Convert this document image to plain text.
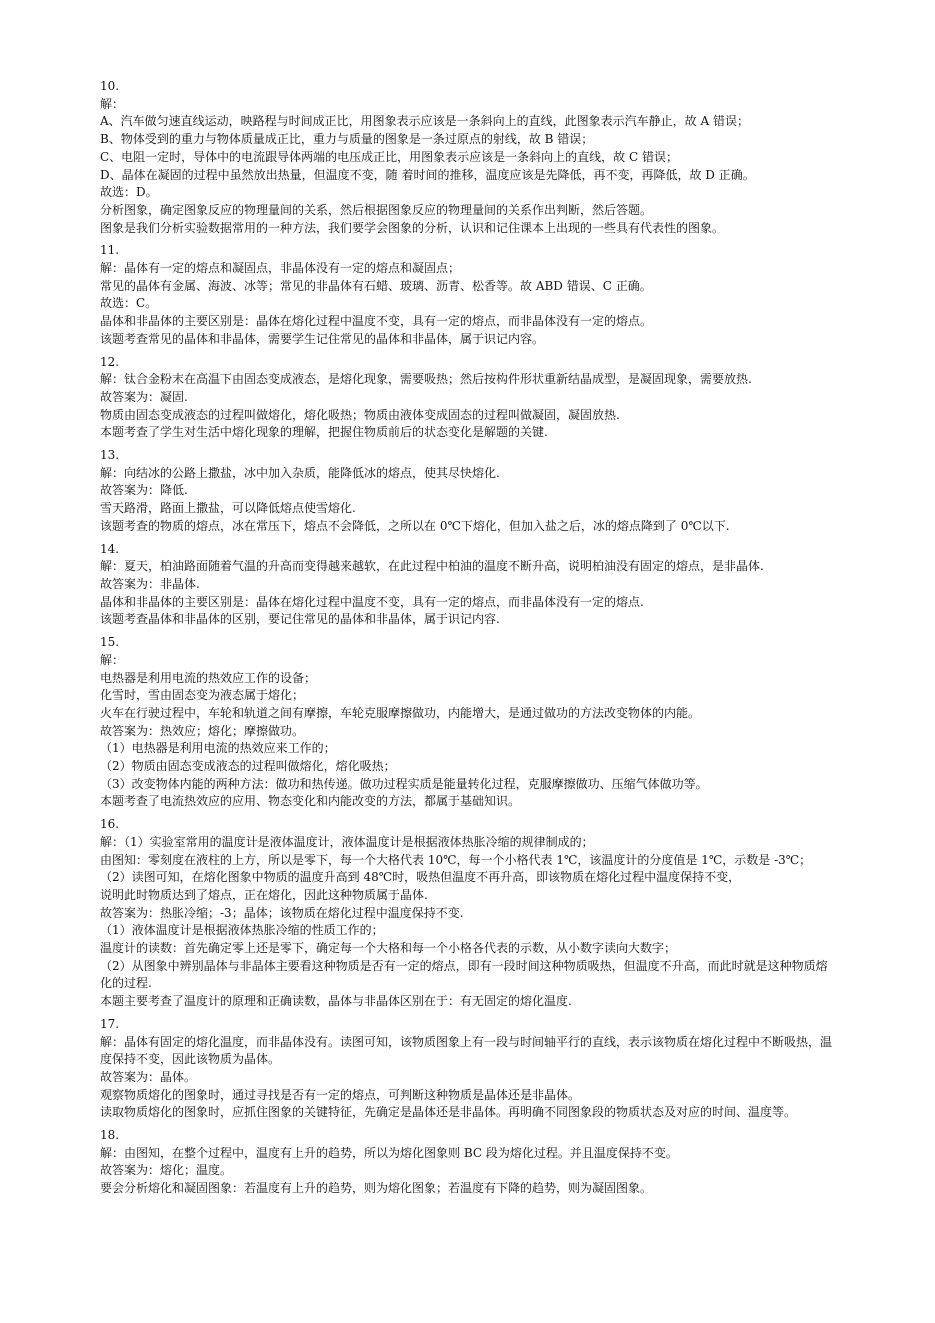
10.
解：
A、汽车做匀速直线运动，映路程与时间成正比，用图象表示应该是一条斜向上的直线，此图象表示汽车静止，故 A 错误；
B、物体受到的重力与物体质量成正比，重力与质量的图象是一条过原点的射线，故 B 错误；
C、电阻一定时，导体中的电流跟导体两端的电压成正比，用图象表示应该是一条斜向上的直线，故 C 错误；
D、晶体在凝固的过程中虽然放出热量，但温度不变，随 着时间的推移，温度应该是先降低，再不变，再降低，故 D 正确。
故选：D。
分析图象，确定图象反应的物理量间的关系，然后根据图象反应的物理量间的关系作出判断，然后答题。
图象是我们分析实验数据常用的一种方法，我们要学会图象的分析，认识和记住课本上出现的一些具有代表性的图象。
11.
解：晶体有一定的熔点和凝固点，非晶体没有一定的熔点和凝固点；
常见的晶体有金属、海波、冰等；常见的非晶体有石蜡、玻璃、沥青、松香等。故 ABD 错误、C 正确。
故选：C。
晶体和非晶体的主要区别是：晶体在熔化过程中温度不变，具有一定的熔点，而非晶体没有一定的熔点。
该题考查常见的晶体和非晶体，需要学生记住常见的晶体和非晶体，属于识记内容。
12.
解：钛合金粉末在高温下由固态变成液态，是熔化现象，需要吸热；然后按构件形状重新结晶成型，是凝固现象，需要放热.
故答案为：凝固.
物质由固态变成液态的过程叫做熔化，熔化吸热；物质由液体变成固态的过程叫做凝固，凝固放热.
本题考查了学生对生活中熔化现象的理解，把握住物质前后的状态变化是解题的关键.
13.
解：向结冰的公路上撒盐，冰中加入杂质，能降低冰的熔点，使其尽快熔化.
故答案为：降低.
雪天路滑，路面上撒盐，可以降低熔点使雪熔化.
该题考查的物质的熔点，冰在常压下，熔点不会降低，之所以在 0℃下熔化，但加入盐之后，冰的熔点降到了 0℃以下.
14.
解：夏天，柏油路面随着气温的升高而变得越来越软，在此过程中柏油的温度不断升高，说明柏油没有固定的熔点，是非晶体.
故答案为：非晶体.
晶体和非晶体的主要区别是：晶体在熔化过程中温度不变，具有一定的熔点，而非晶体没有一定的熔点.
该题考查晶体和非晶体的区别，要记住常见的晶体和非晶体，属于识记内容.
15.
解：
电热器是利用电流的热效应工作的设备；
化雪时，雪由固态变为液态属于熔化；
火车在行驶过程中，车轮和轨道之间有摩擦，车轮克服摩擦做功，内能增大，是通过做功的方法改变物体的内能。
故答案为：热效应；熔化；摩擦做功。
（1）电热器是利用电流的热效应来工作的；
（2）物质由固态变成液态的过程叫做熔化，熔化吸热；
（3）改变物体内能的两种方法：做功和热传递。做功过程实质是能量转化过程，克服摩擦做功、压缩气体做功等。
本题考查了电流热效应的应用、物态变化和内能改变的方法，都属于基础知识。
16.
解：（1）实验室常用的温度计是液体温度计，液体温度计是根据液体热胀冷缩的规律制成的；
由图知：零刻度在液柱的上方，所以是零下，每一个大格代表 10℃，每一个小格代表 1℃，该温度计的分度值是 1℃，示数是 -3℃；
（2）读图可知，在熔化图象中物质的温度升高到 48℃时，吸热但温度不再升高，即该物质在熔化过程中温度保持不变，
说明此时物质达到了熔点，正在熔化，因此这种物质属于晶体.
故答案为：热胀冷缩；-3；晶体；该物质在熔化过程中温度保持不变.
（1）液体温度计是根据液体热胀冷缩的性质工作的；
温度计的读数：首先确定零上还是零下，确定每一个大格和每一个小格各代表的示数，从小数字读向大数字；
（2）从图象中辨别晶体与非晶体主要看这种物质是否有一定的熔点，即有一段时间这种物质吸热，但温度不升高，而此时就是这种物质熔化的过程.
本题主要考查了温度计的原理和正确读数，晶体与非晶体区别在于：有无固定的熔化温度.
17.
解：晶体有固定的熔化温度，而非晶体没有。读图可知，该物质图象上有一段与时间轴平行的直线，表示该物质在熔化过程中不断吸热，温度保持不变，因此该物质为晶体。
故答案为：晶体。
观察物质熔化的图象时，通过寻找是否有一定的熔点，可判断这种物质是晶体还是非晶体。
读取物质熔化的图象时，应抓住图象的关键特征，先确定是晶体还是非晶体。再明确不同图象段的物质状态及对应的时间、温度等。
18.
解：由图知，在整个过程中，温度有上升的趋势，所以为熔化图象则 BC 段为熔化过程。并且温度保持不变。
故答案为：熔化；温度。
要会分析熔化和凝固图象：若温度有上升的趋势，则为熔化图象；若温度有下降的趋势，则为凝固图象。
